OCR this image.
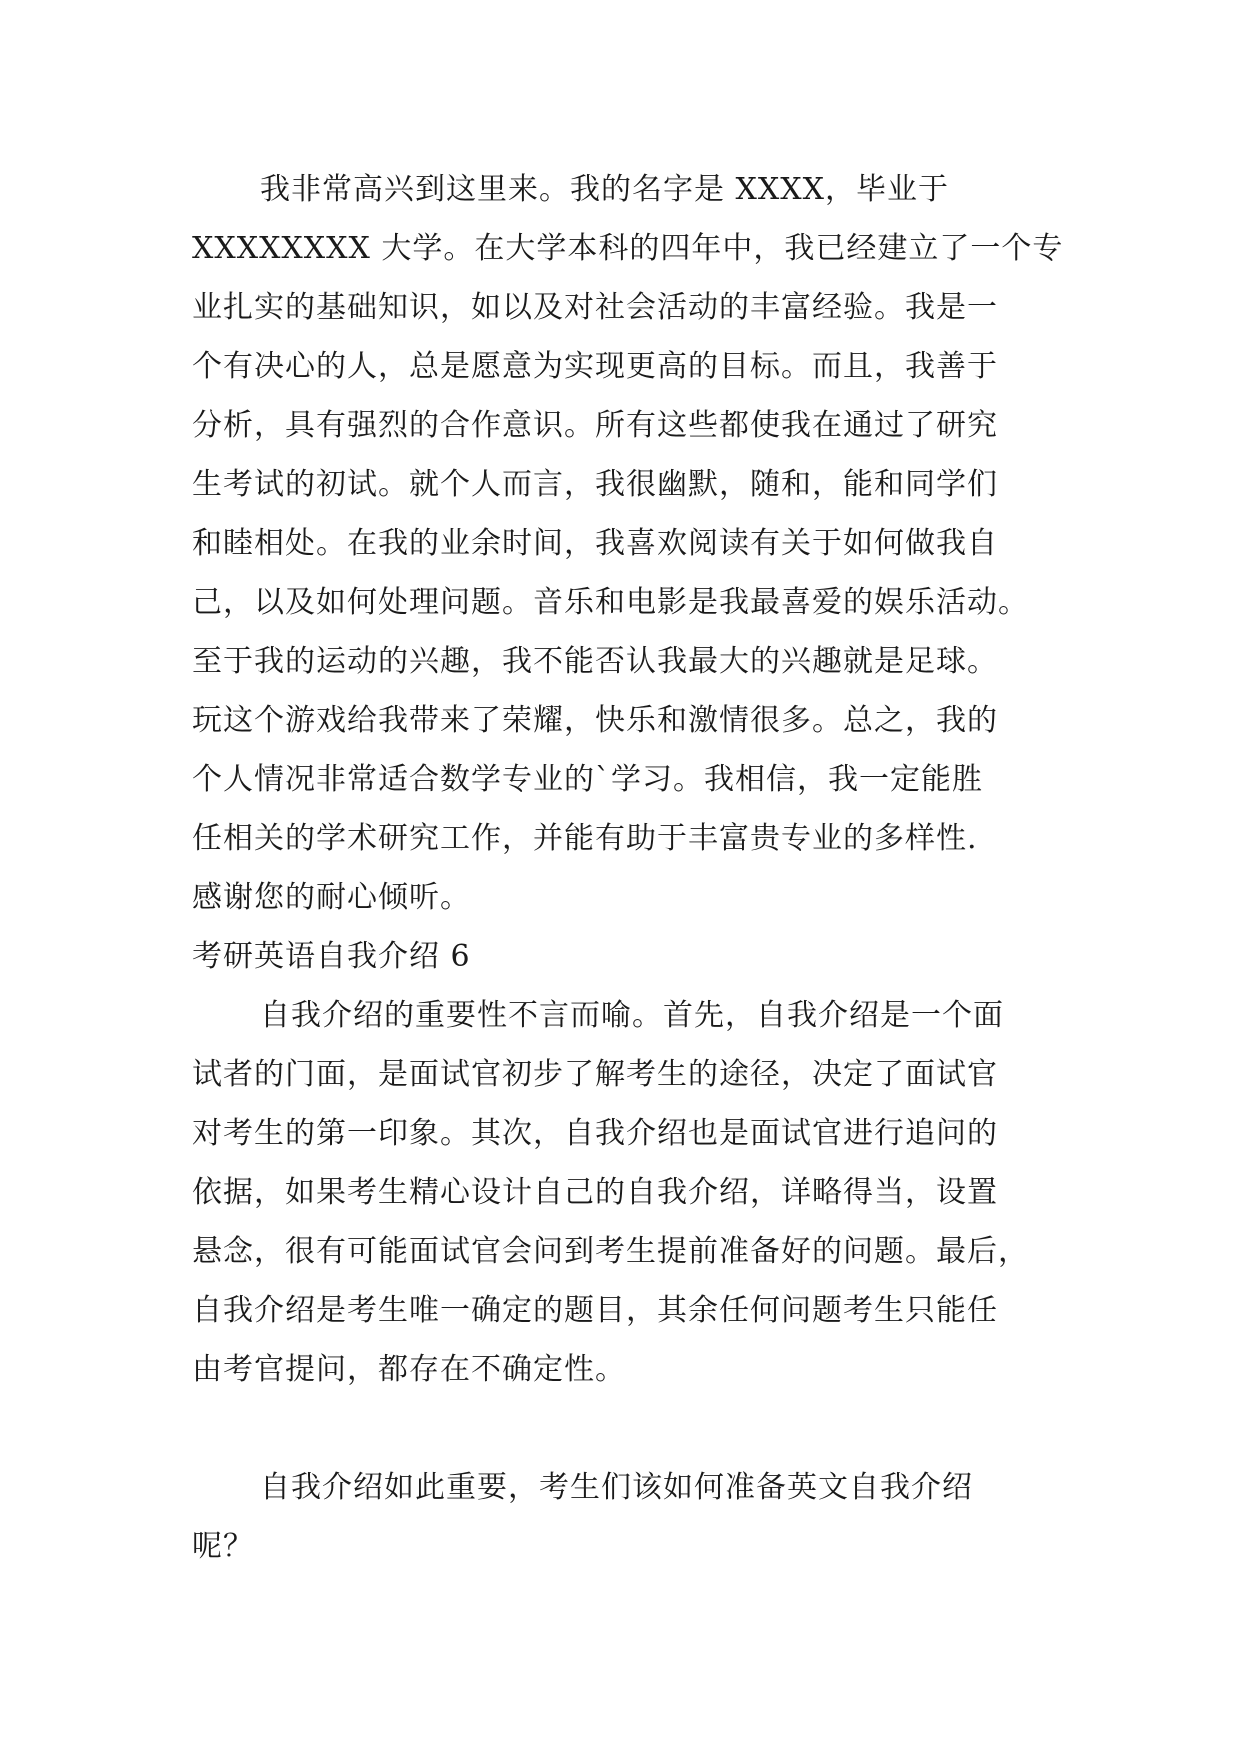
我非常高兴到这里来。我的名字是 XXXX，毕业于
XXXXXXXX 大学。在大学本科的四年中，我已经建立了一个专
业扎实的基础知识，如以及对社会活动的丰富经验。我是一
个有决心的人，总是愿意为实现更高的目标。而且，我善于
分析，具有强烈的合作意识。所有这些都使我在通过了研究
生考试的初试。就个人而言，我很幽默，随和，能和同学们
和睦相处。在我的业余时间，我喜欢阅读有关于如何做我自
己，以及如何处理问题。音乐和电影是我最喜爱的娱乐活动。
至于我的运动的兴趣，我不能否认我最大的兴趣就是足球。
玩这个游戏给我带来了荣耀，快乐和激情很多。总之，我的
个人情况非常适合数学专业的`学习。我相信，我一定能胜
任相关的学术研究工作，并能有助于丰富贵专业的多样性.
感谢您的耐心倾听。
考研英语自我介绍 6
自我介绍的重要性不言而喻。首先，自我介绍是一个面
试者的门面，是面试官初步了解考生的途径，决定了面试官
对考生的第一印象。其次，自我介绍也是面试官进行追问的
依据，如果考生精心设计自己的自我介绍，详略得当，设置
悬念，很有可能面试官会问到考生提前准备好的问题。最后，
自我介绍是考生唯一确定的题目，其余任何问题考生只能任
由考官提问，都存在不确定性。
自我介绍如此重要，考生们该如何准备英文自我介绍
呢？
